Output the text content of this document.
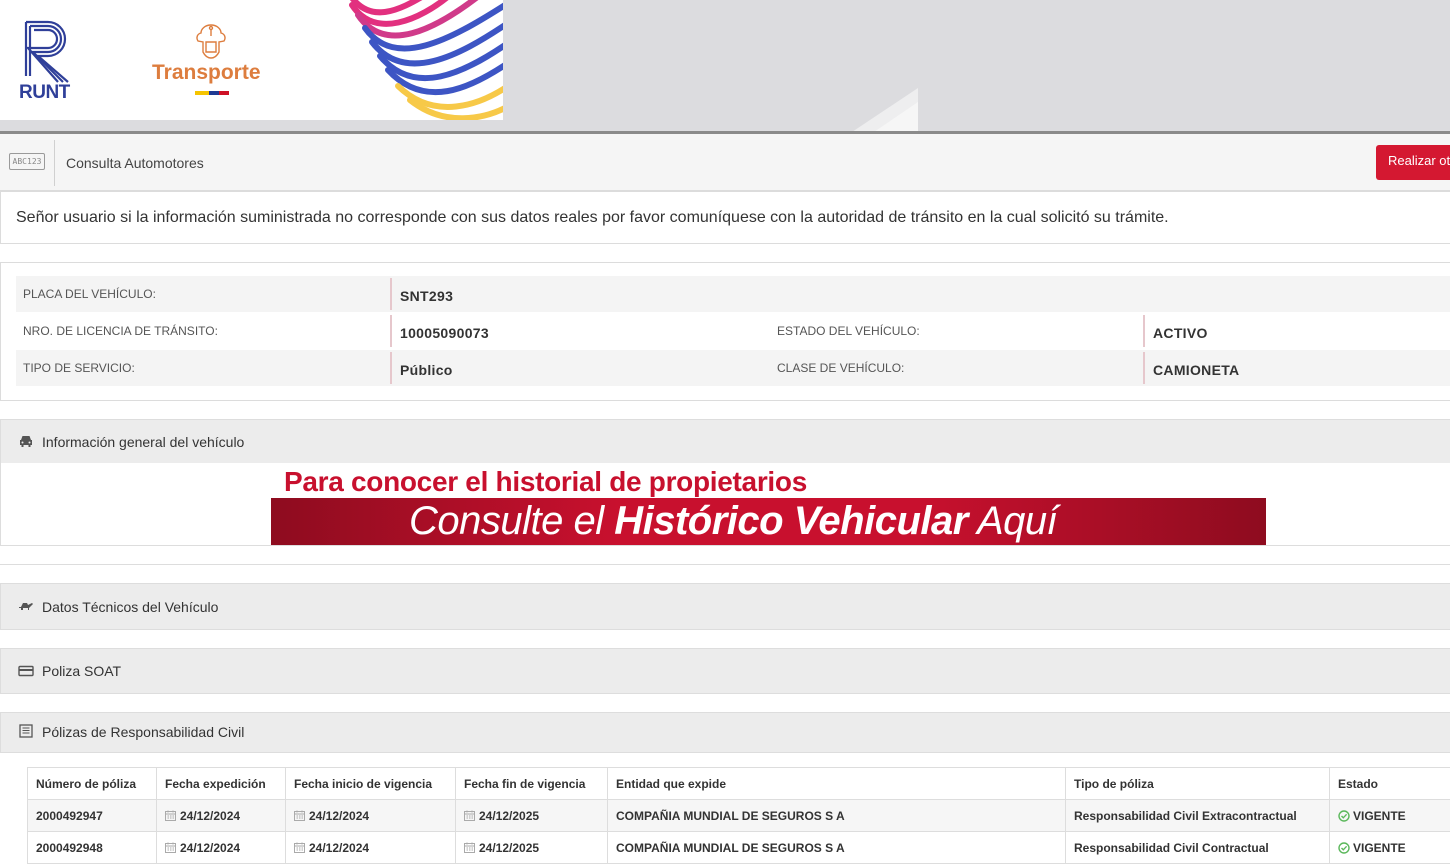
RUNT
Transporte
ABC123 Consulta Automotores	Realizar ot

Señor usuario si la información suministrada no corresponde con sus datos reales por favor comuníquese con la autoridad de tránsito en la cual solicitó su trámite.

PLACA DEL VEHÍCULO:	SNT293
NRO. DE LICENCIA DE TRÁNSITO:	10005090073	ESTADO DEL VEHÍCULO:	ACTIVO
TIPO DE SERVICIO:	Público	CLASE DE VEHÍCULO:	CAMIONETA
Información general del vehículo
Para conocer el historial de propietarios
Consulte el Histórico Vehicular Aquí
Datos Técnicos del Vehículo
Poliza SOAT
Pólizas de Responsabilidad Civil
Número de póliza	Fecha expedición	Fecha inicio de vigencia	Fecha fin de vigencia	Entidad que expide	Tipo de póliza	Estado
2000492947	24/12/2024	24/12/2024	24/12/2025	COMPAÑIA MUNDIAL DE SEGUROS S A	Responsabilidad Civil Extracontractual	VIGENTE
2000492948	24/12/2024	24/12/2024	24/12/2025	COMPAÑIA MUNDIAL DE SEGUROS S A	Responsabilidad Civil Contractual	VIGENTE
